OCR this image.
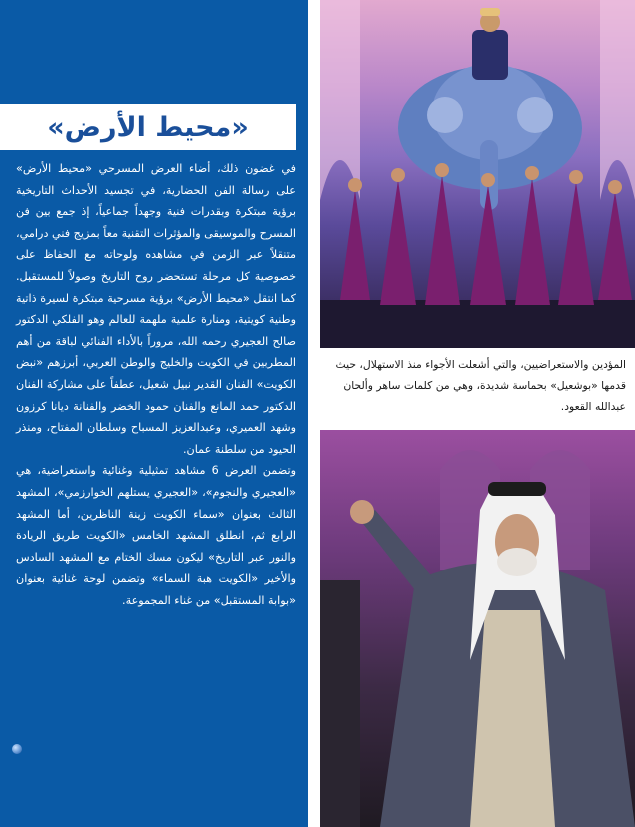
«محيط الأرض»

في غضون ذلك، أضاء العرض المسرحي «محيط الأرض» على رسالة الفن الحضارية، في تجسيد الأحداث التاريخية برؤية مبتكرة وبقدرات فنية وجهداً جماعياً، إذ جمع بين فن المسرح والموسيقى والمؤثرات التقنية معاً بمزيج فني درامي، متنقلاً عبر الزمن في مشاهده ولوحاته مع الحفاظ على خصوصية كل مرحلة تستحضر روح التاريخ وصولاً للمستقبل. كما انتقل «محيط الأرض» برؤية مسرحية مبتكرة لسيرة ذاتية وطنية كويتية، ومنارة علمية ملهمة للعالم وهو الفلكي الدكتور صالح العجيري رحمه الله، مروراً بالأداء الفنائي لباقة من أهم المطربين في الكويت والخليج والوطن العربي، أبرزهم «نبض الكويت» الفنان القدير نبيل شعيل، عطفاً على مشاركة الفنان الدكتور حمد المانع والفنان حمود الخضر والفنانة ديانا كرزون وشهد العميري، وعبدالعزيز المسباح وسلطان المفتاح، ومنذر الحيود من سلطنة عمان.

وتضمن العرض 6 مشاهد تمثيلية وغنائية واستعراضية، هي «العجيري والنجوم»، «العجيري يستلهم الخوارزمي»، المشهد الثالث بعنوان «سماء الكويت زينة الناظرين، أما المشهد الرابع ثم، انطلق المشهد الخامس «الكويت طريق الريادة والنور عبر التاريخ» ليكون مسك الختام مع المشهد السادس والأخير «الكويت هبة السماء» وتضمن لوحة غنائية بعنوان «بوابة المستقبل» من غناء المجموعة.

المؤدين والاستعراضيين، والتي أشعلت الأجواء منذ الاستهلال، حيث قدمها «بوشعيل» بحماسة شديدة، وهي من كلمات ساهر وألحان عبدالله القعود.
